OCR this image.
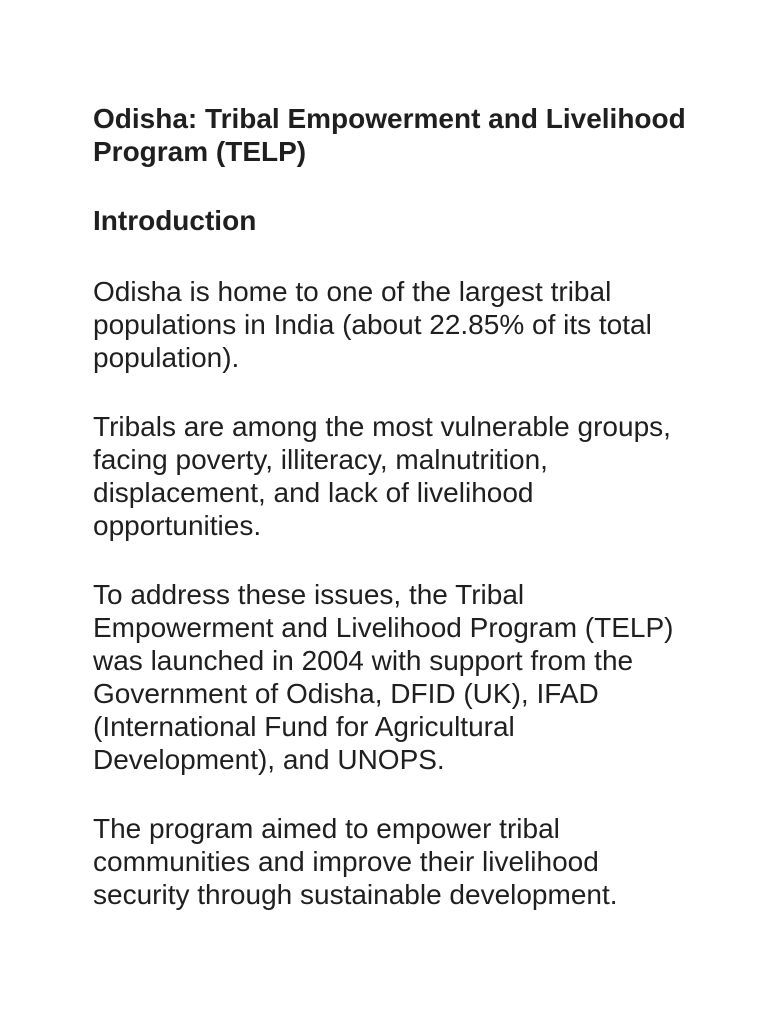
Odisha: Tribal Empowerment and Livelihood Program (TELP)
Introduction

Odisha is home to one of the largest tribal populations in India (about 22.85% of its total population).

Tribals are among the most vulnerable groups, facing poverty, illiteracy, malnutrition, displacement, and lack of livelihood opportunities.

To address these issues, the Tribal Empowerment and Livelihood Program (TELP) was launched in 2004 with support from the Government of Odisha, DFID (UK), IFAD (International Fund for Agricultural Development), and UNOPS.

The program aimed to empower tribal communities and improve their livelihood security through sustainable development.
